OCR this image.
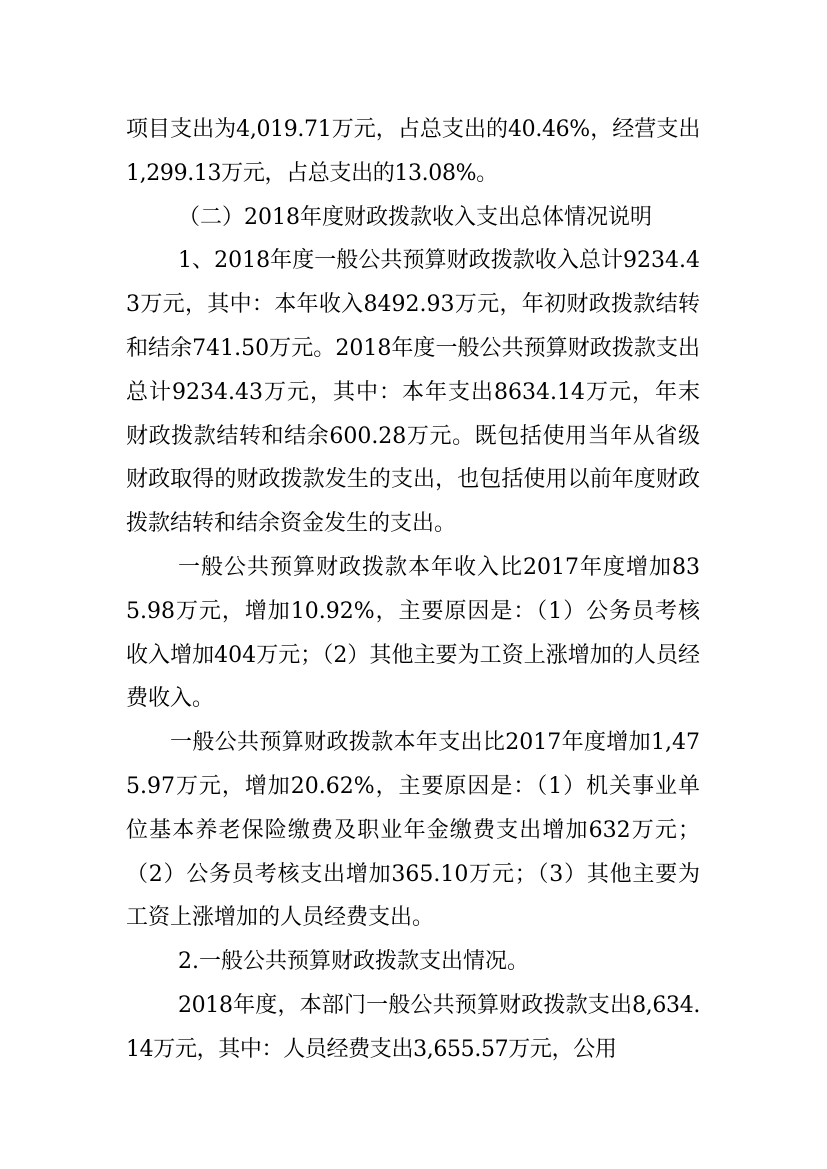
项目支出为4,019.71万元，占总支出的40.46%，经营支出1,299.13万元，占总支出的13.08%。

（二）2018年度财政拨款收入支出总体情况说明

1、2018年度一般公共预算财政拨款收入总计9234.43万元，其中：本年收入8492.93万元，年初财政拨款结转和结余741.50万元。2018年度一般公共预算财政拨款支出总计9234.43万元，其中：本年支出8634.14万元，年末财政拨款结转和结余600.28万元。既包括使用当年从省级财政取得的财政拨款发生的支出，也包括使用以前年度财政拨款结转和结余资金发生的支出。

一般公共预算财政拨款本年收入比2017年度增加835.98万元，增加10.92%，主要原因是：（1）公务员考核收入增加404万元；（2）其他主要为工资上涨增加的人员经费收入。

一般公共预算财政拨款本年支出比2017年度增加1,475.97万元，增加20.62%，主要原因是：（1）机关事业单位基本养老保险缴费及职业年金缴费支出增加632万元；（2）公务员考核支出增加365.10万元；（3）其他主要为工资上涨增加的人员经费支出。

2.一般公共预算财政拨款支出情况。

2018年度，本部门一般公共预算财政拨款支出8,634.14万元，其中：人员经费支出3,655.57万元，公用
